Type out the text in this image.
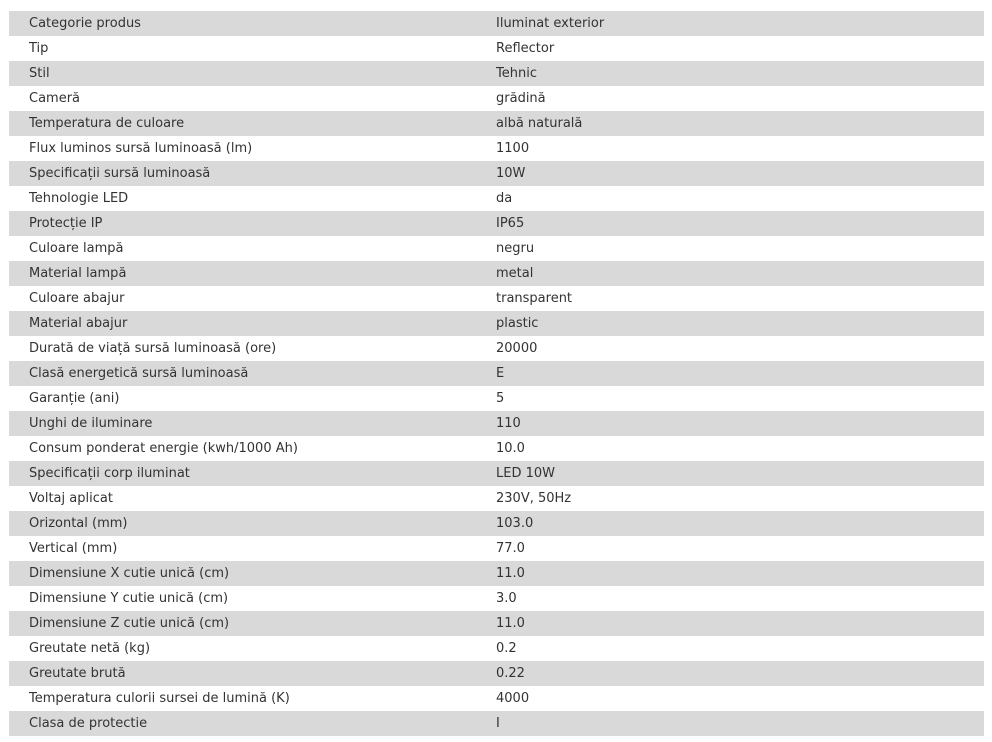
Categorie produs	Iluminat exterior
Tip	Reflector
Stil	Tehnic
Cameră	grădină
Temperatura de culoare	albă naturală
Flux luminos sursă luminoasă (lm)	1100
Specificații sursă luminoasă	10W
Tehnologie LED	da
Protecție IP	IP65
Culoare lampă	negru
Material lampă	metal
Culoare abajur	transparent
Material abajur	plastic
Durată de viață sursă luminoasă (ore)	20000
Clasă energetică sursă luminoasă	E
Garanție (ani)	5
Unghi de iluminare	110
Consum ponderat energie (kwh/1000 Ah)	10.0
Specificații corp iluminat	LED 10W
Voltaj aplicat	230V, 50Hz
Orizontal (mm)	103.0
Vertical (mm)	77.0
Dimensiune X cutie unică (cm)	11.0
Dimensiune Y cutie unică (cm)	3.0
Dimensiune Z cutie unică (cm)	11.0
Greutate netă (kg)	0.2
Greutate brută	0.22
Temperatura culorii sursei de lumină (K)	4000
Clasa de protectie	I
